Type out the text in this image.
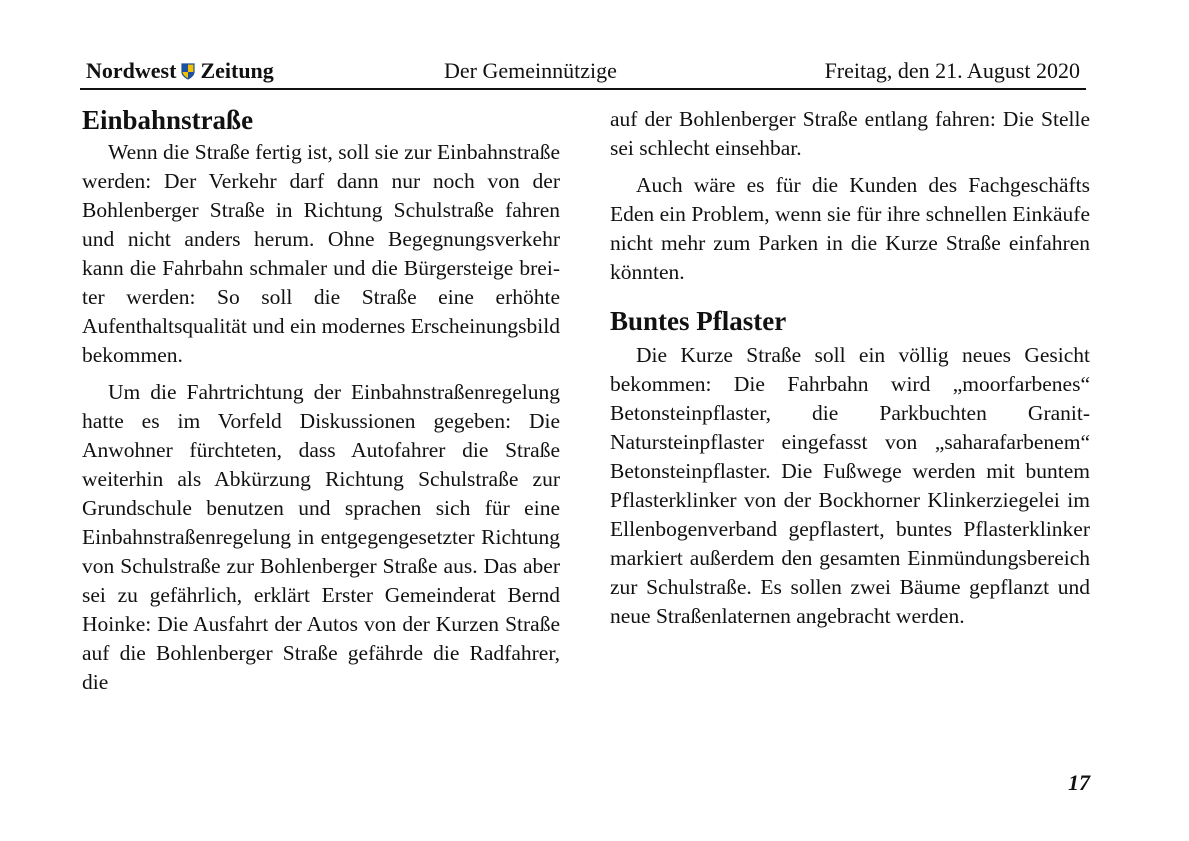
Nordwest Zeitung	Der Gemeinnützige	Freitag, den 21. August 2020
Einbahnstraße

Wenn die Straße fertig ist, soll sie zur Einbahnstraße werden: Der Verkehr darf dann nur noch von der Bohlenberger Straße in Richtung Schulstraße fahren und nicht anders herum. Ohne Begegnungsverkehr kann die Fahrbahn schmaler und die Bürgersteige breiter werden: So soll die Straße eine erhöhte Aufenthaltsqualität und ein modernes Erscheinungsbild bekommen.

Um die Fahrtrichtung der Einbahnstraßenregelung hatte es im Vorfeld Diskussionen gegeben: Die Anwohner fürchteten, dass Autofahrer die Straße weiterhin als Abkürzung Richtung Schulstraße zur Grundschule benutzen und sprachen sich für eine Einbahnstraßenregelung in entgegengesetzter Richtung von Schulstraße zur Bohlenberger Straße aus. Das aber sei zu gefährlich, erklärt Erster Gemeinderat Bernd Hoinke: Die Ausfahrt der Autos von der Kurzen Straße auf die Bohlenberger Straße gefährde die Radfahrer, die

auf der Bohlenberger Straße entlang fahren: Die Stelle sei schlecht einsehbar.

Auch wäre es für die Kunden des Fachgeschäfts Eden ein Problem, wenn sie für ihre schnellen Einkäufe nicht mehr zum Parken in die Kurze Straße einfahren könnten.

Buntes Pflaster

Die Kurze Straße soll ein völlig neues Gesicht bekommen: Die Fahrbahn wird „moorfarbenes“ Betonsteinpflaster, die Parkbuchten Granit-Natursteinpflaster eingefasst von „saharafarbenem“ Betonsteinpflaster. Die Fußwege werden mit buntem Pflasterklinker von der Bockhorner Klinkerziegelei im Ellenbogenverband gepflastert, buntes Pflasterklinker markiert außerdem den gesamten Einmündungsbereich zur Schulstraße. Es sollen zwei Bäume gepflanzt und neue Straßenlaternen angebracht werden.

17
